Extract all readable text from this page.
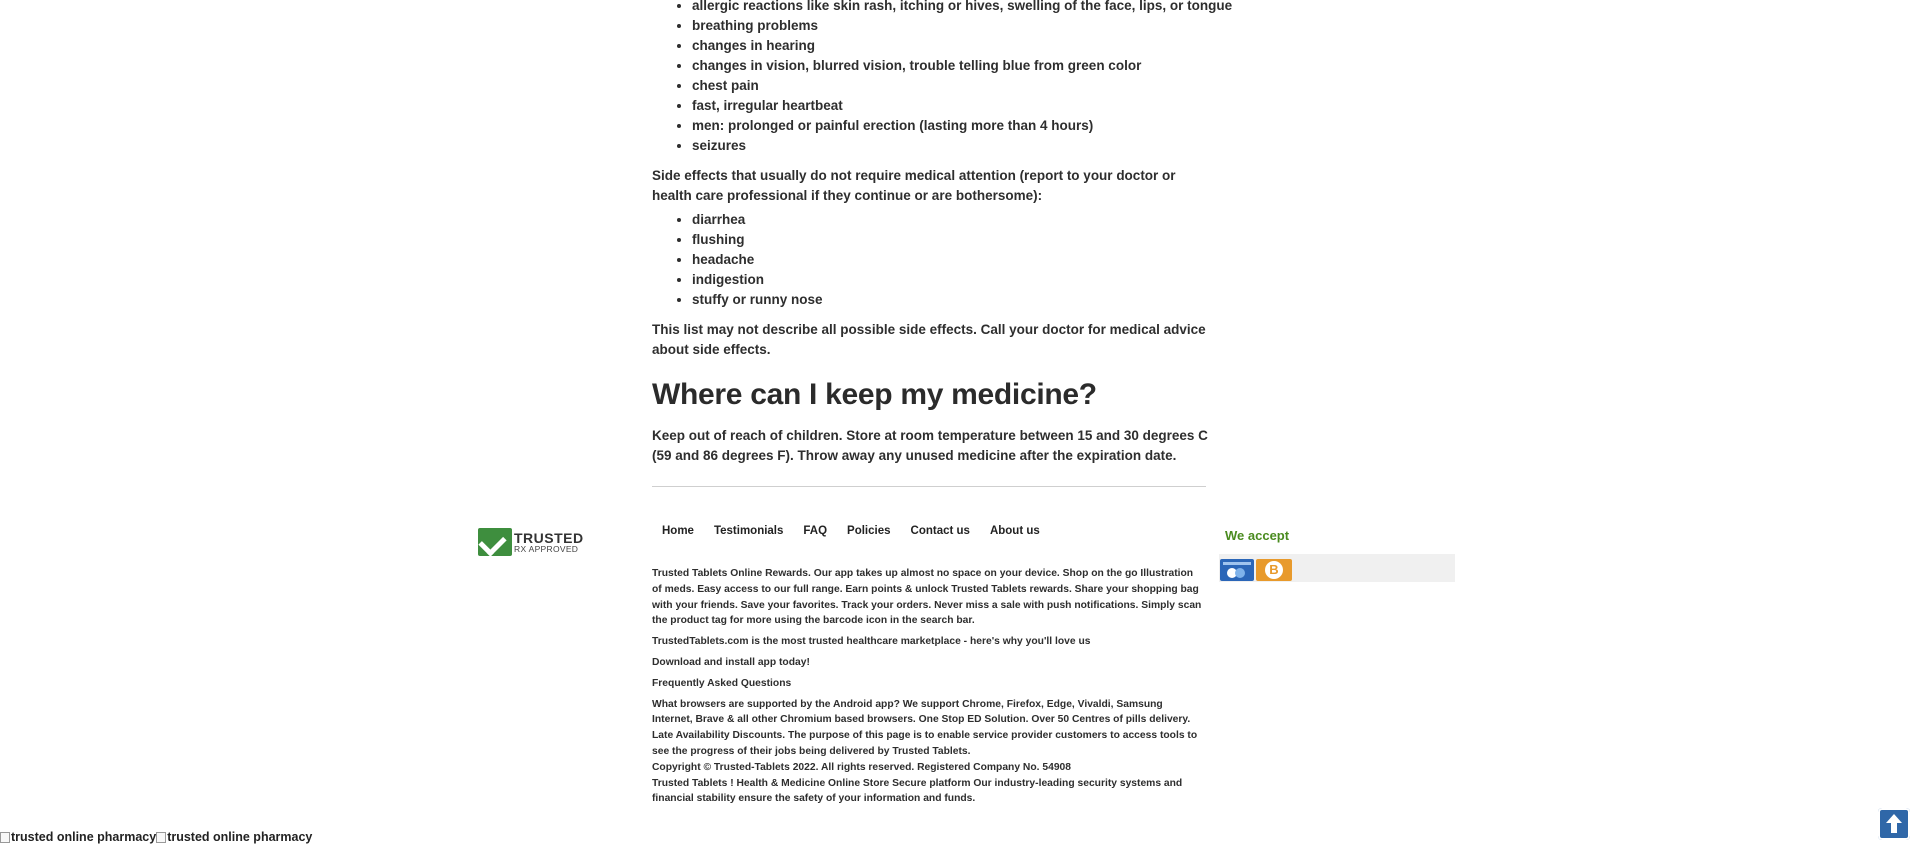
• allergic reactions like skin rash, itching or hives, swelling of the face, lips, or tongue
• breathing problems
• changes in hearing
• changes in vision, blurred vision, trouble telling blue from green color
• chest pain
• fast, irregular heartbeat
• men: prolonged or painful erection (lasting more than 4 hours)
• seizures

Side effects that usually do not require medical attention (report to your doctor or health care professional if they continue or are bothersome):

• diarrhea
• flushing
• headache
• indigestion
• stuffy or runny nose

This list may not describe all possible side effects. Call your doctor for medical advice about side effects.

Where can I keep my medicine?

Keep out of reach of children. Store at room temperature between 15 and 30 degrees C (59 and 86 degrees F). Throw away any unused medicine after the expiration date.

TRUSTED
RX APPROVED
Home	Testimonials	FAQ	Policies	Contact us	About us

Trusted Tablets Online Rewards. Our app takes up almost no space on your device. Shop on the go Illustration of meds. Easy access to our full range. Earn points & unlock Trusted Tablets rewards. Share your shopping bag with your friends. Save your favorites. Track your orders. Never miss a sale with push notifications. Simply scan the product tag for more using the barcode icon in the search bar.

TrustedTablets.com is the most trusted healthcare marketplace - here's why you'll love us

Download and install app today!

Frequently Asked Questions

What browsers are supported by the Android app? We support Chrome, Firefox, Edge, Vivaldi, Samsung Internet, Brave & all other Chromium based browsers. One Stop ED Solution. Over 50 Centres of pills delivery. Late Availability Discounts. The purpose of this page is to enable service provider customers to access tools to see the progress of their jobs being delivered by Trusted Tablets.

Copyright © Trusted-Tablets 2022. All rights reserved. Registered Company No. 54908

Trusted Tablets ! Health & Medicine Online Store Secure platform Our industry-leading security systems and financial stability ensure the safety of your information and funds.

We accept
B
trusted online pharmacy trusted online pharmacy
